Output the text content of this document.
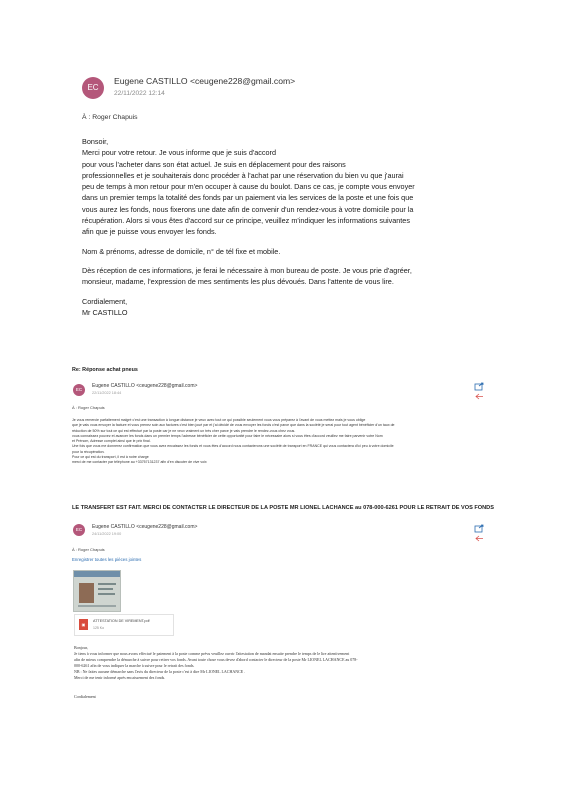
EC
Eugene CASTILLO <ceugene228@gmail.com>
22/11/2022 12:14
À : Roger Chapuis

Bonsoir,
Merci pour votre retour. Je vous informe que je suis d'accord
pour vous l'acheter dans son état actuel. Je suis en déplacement pour des raisons
professionnelles et je souhaiterais donc procéder à l'achat par une réservation du bien vu que j'aurai
peu de temps à mon retour pour m'en occuper à cause du boulot. Dans ce cas, je compte vous envoyer
dans un premier temps la totalité des fonds par un paiement via les services de la poste et une fois que
vous aurez les fonds, nous fixerons une date afin de convenir d'un rendez-vous à votre domicile pour la
récupération. Alors si vous êtes d'accord sur ce principe, veuillez m'indiquer les informations suivantes
afin que je puisse vous envoyer les fonds.

Nom & prénoms, adresse de domicile, n° de tél fixe et mobile.

Dès réception de ces informations, je ferai le nécessaire à mon bureau de poste. Je vous prie d'agréer,
monsieur, madame, l'expression de mes sentiments les plus dévoués. Dans l'attente de vous lire.

Cordialement,
Mr CASTILLO

Re: Réponse achat pneus
EC
Eugene CASTILLO <ceugene228@gmail.com>
22/11/2022 18:44
À : Roger Chapuis
Je vous remercie parfaitement malgré c'est une transaction à longue distance je veux avec tout ce qui possible seulement vous vous préparez à l'avant de vous mettez mais je vous oblige
que je vais vous envoyer la facture et vous prenez soin aux factures c'est bien joué par et j'ai décidé de vous envoyer les fonds c'est parce que dans la société je serai pour tout agent bénéficier d'un taux de
réduction de 50% sur tout ce qui est effectué par la poste car je ne veux vraiment un très cher parce je vais prendre le rendez-vous chez vous.
vous connaissez pouvez et avancer les fonds dans un premier temps l'adresse bénéficier de cette opportunité pour faire le nécessaire alors si vous êtes d'accord veuillez me faire parvenir votre Nom
et Prénom, Adresse complet ainsi que le prix final.
Une fois que vous me donnerez confirmation que vous avez encaissez les fonds et vous êtes d'accord nous contacterons une société de transport en FRANCE qui vous contactera d'ici peu à votre domicile
pour la récupération.
Pour ce qui est du transport, il est à notre charge
merci de me contacter par téléphone au +33757131237 afin d'en discuter de vive voix
LE TRANSFERT EST FAIT. MERCI DE CONTACTER LE DIRECTEUR DE LA POSTE MR LIONEL LACHANCE au 078-000-6261 POUR LE RETRAIT DE VOS FONDS
EC	Eugene CASTILLO <ceugene228@gmail.com>
24/11/2022 19:00
À : Roger Chapuis
Enregistrer toutes les pièces jointes
▣
ATTESTATION DE VIREMENT.pdf
125 Ko
Bonjour,
Je tiens à vous informer que nous avons effectué le paiement à la poste comme prévu veuillez ouvrir l'attestation de mandat ensuite prendre le temps de le lire attentivement
afin de mieux comprendre la démarche à suivre pour retirer vos fonds. Avant toute chose vous devez d'abord contacter le directeur de la poste Mr LIONEL LACHANCE au 078-
000-6261 afin de vous indiquer la marche à suivre pour le retrait des fonds.
NB : Ne faites aucune démarche sans l'avis du directeur de la poste c'est à dire Mr LIONEL LACHANCE .
Merci de me tenir informé après encaissement des fonds.
Cordialement
